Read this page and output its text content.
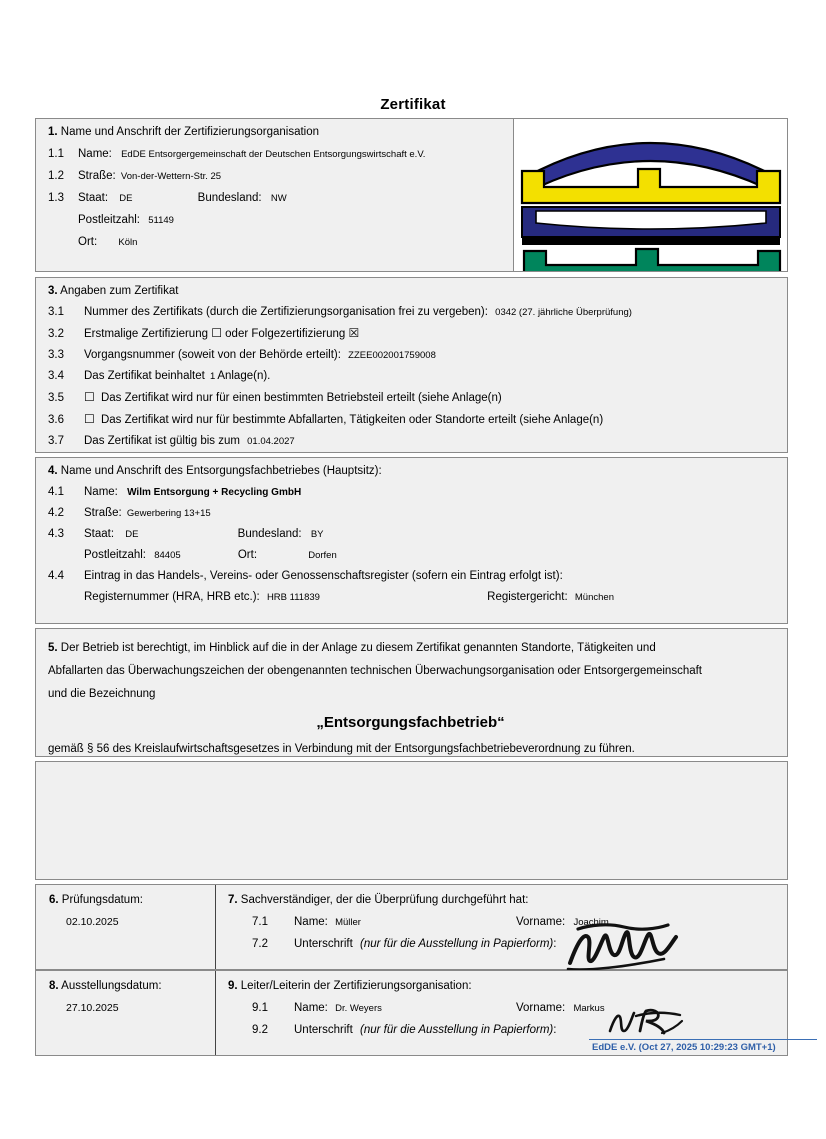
Zertifikat
1. Name und Anschrift der Zertifizierungsorganisation
1.1 Name: EdDE Entsorgergemeinschaft der Deutschen Entsorgungswirtschaft e.V.
1.2 Straße: Von-der-Wettern-Str. 25
1.3 Staat: DE	Bundesland: NW
Postleitzahl: 51149
Ort: Köln
3. Angaben zum Zertifikat
3.1 Nummer des Zertifikats (durch die Zertifizierungsorganisation frei zu vergeben): 0342 (27. jährliche Überprüfung)
3.2 Erstmalige Zertifizierung ☐ oder Folgezertifizierung ☒
3.3 Vorgangsnummer (soweit von der Behörde erteilt): ZZEE002001759008
3.4 Das Zertifikat beinhaltet 1 Anlage(n).
3.5 ☐ Das Zertifikat wird nur für einen bestimmten Betriebsteil erteilt (siehe Anlage(n)
3.6 ☐ Das Zertifikat wird nur für bestimmte Abfallarten, Tätigkeiten oder Standorte erteilt (siehe Anlage(n)
3.7 Das Zertifikat ist gültig bis zum 01.04.2027
4. Name und Anschrift des Entsorgungsfachbetriebes (Hauptsitz):
4.1 Name: Wilm Entsorgung + Recycling GmbH
4.2 Straße: Gewerbering 13+15
4.3 Staat: DE	Bundesland: BY
Postleitzahl: 84405	Ort:	Dorfen
4.4 Eintrag in das Handels-, Vereins- oder Genossenschaftsregister (sofern ein Eintrag erfolgt ist):
Registernummer (HRA, HRB etc.): HRB 111839	Registergericht: München
5. Der Betrieb ist berechtigt, im Hinblick auf die in der Anlage zu diesem Zertifikat genannten Standorte, Tätigkeiten und
Abfallarten das Überwachungszeichen der obengenannten technischen Überwachungsorganisation oder Entsorgergemeinschaft
und die Bezeichnung
„Entsorgungsfachbetrieb“
gemäß § 56 des Kreislaufwirtschaftsgesetzes in Verbindung mit der Entsorgungsfachbetriebeverordnung zu führen.
6. Prüfungsdatum:
02.10.2025
7. Sachverständiger, der die Überprüfung durchgeführt hat:
7.1 Name: Müller	Vorname: Joachim
7.2 Unterschrift (nur für die Ausstellung in Papierform):
8. Ausstellungsdatum:
27.10.2025
9. Leiter/Leiterin der Zertifizierungsorganisation:
9.1 Name: Dr. Weyers	Vorname: Markus
9.2 Unterschrift (nur für die Ausstellung in Papierform):
EdDE e.V. (Oct 27, 2025 10:29:23 GMT+1)
